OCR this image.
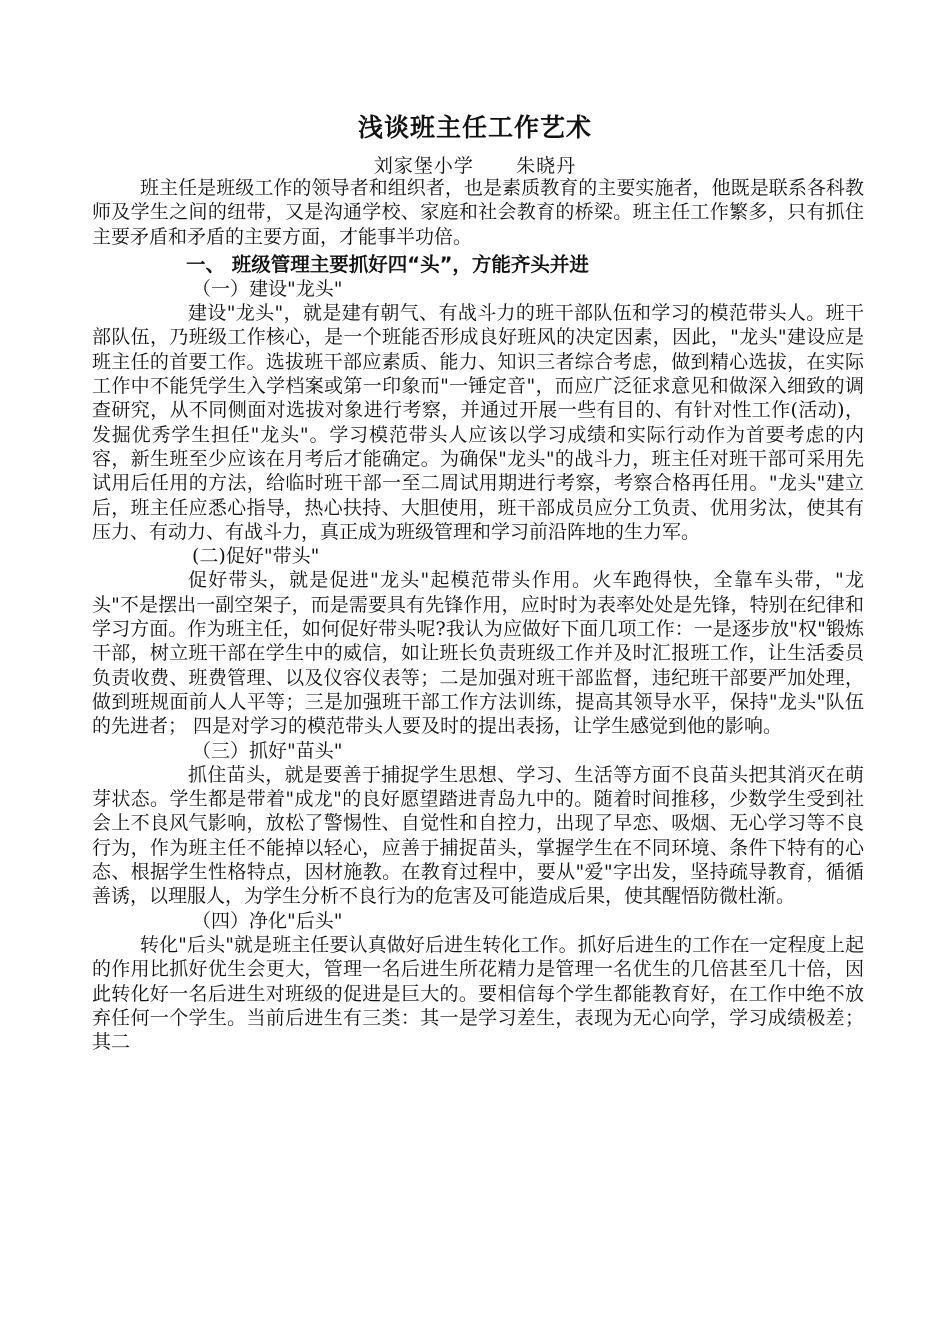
浅谈班主任工作艺术
刘家堡小学      朱晓丹

班主任是班级工作的领导者和组织者，也是素质教育的主要实施者，他既是联系各科教师及学生之间的纽带，又是沟通学校、家庭和社会教育的桥梁。班主任工作繁多，只有抓住主要矛盾和矛盾的主要方面，才能事半功倍。

一、 班级管理主要抓好四“头”，方能齐头并进
（一）建设"龙头"

建设"龙头"，就是建有朝气、有战斗力的班干部队伍和学习的模范带头人。班干部队伍，乃班级工作核心，是一个班能否形成良好班风的决定因素，因此，"龙头"建设应是班主任的首要工作。选拔班干部应素质、能力、知识三者综合考虑，做到精心选拔，在实际工作中不能凭学生入学档案或第一印象而"一锤定音"，而应广泛征求意见和做深入细致的调查研究，从不同侧面对选拔对象进行考察，并通过开展一些有目的、有针对性工作(活动)，发掘优秀学生担任"龙头"。学习模范带头人应该以学习成绩和实际行动作为首要考虑的内容，新生班至少应该在月考后才能确定。为确保"龙头"的战斗力，班主任对班干部可采用先试用后任用的方法，给临时班干部一至二周试用期进行考察，考察合格再任用。"龙头"建立后，班主任应悉心指导，热心扶持、大胆使用，班干部成员应分工负责、优用劣汰，使其有压力、有动力、有战斗力，真正成为班级管理和学习前沿阵地的生力军。

(二)促好"带头"

促好带头，就是促进"龙头"起模范带头作用。火车跑得快，全靠车头带，"龙头"不是摆出一副空架子，而是需要具有先锋作用，应时时为表率处处是先锋，特别在纪律和学习方面。作为班主任，如何促好带头呢?我认为应做好下面几项工作：一是逐步放"权"锻炼干部，树立班干部在学生中的威信，如让班长负责班级工作并及时汇报班工作，让生活委员负责收费、班费管理、以及仪容仪表等；二是加强对班干部监督，违纪班干部要严加处理，做到班规面前人人平等；三是加强班干部工作方法训练，提高其领导水平，保持"龙头"队伍的先进者； 四是对学习的模范带头人要及时的提出表扬，让学生感觉到他的影响。

（三）抓好"苗头"

抓住苗头，就是要善于捕捉学生思想、学习、生活等方面不良苗头把其消灭在萌芽状态。学生都是带着"成龙"的良好愿望踏进青岛九中的。随着时间推移，少数学生受到社会上不良风气影响，放松了警惕性、自觉性和自控力，出现了早恋、吸烟、无心学习等不良行为，作为班主任不能掉以轻心，应善于捕捉苗头，掌握学生在不同环境、条件下特有的心态、根据学生性格特点，因材施教。在教育过程中，要从"爱"字出发，坚持疏导教育，循循善诱，以理服人，为学生分析不良行为的危害及可能造成后果，使其醒悟防微杜渐。

（四）净化"后头"

转化"后头"就是班主任要认真做好后进生转化工作。抓好后进生的工作在一定程度上起的作用比抓好优生会更大，管理一名后进生所花精力是管理一名优生的几倍甚至几十倍，因此转化好一名后进生对班级的促进是巨大的。要相信每个学生都能教育好，在工作中绝不放弃任何一个学生。当前后进生有三类：其一是学习差生，表现为无心向学，学习成绩极差；其二
